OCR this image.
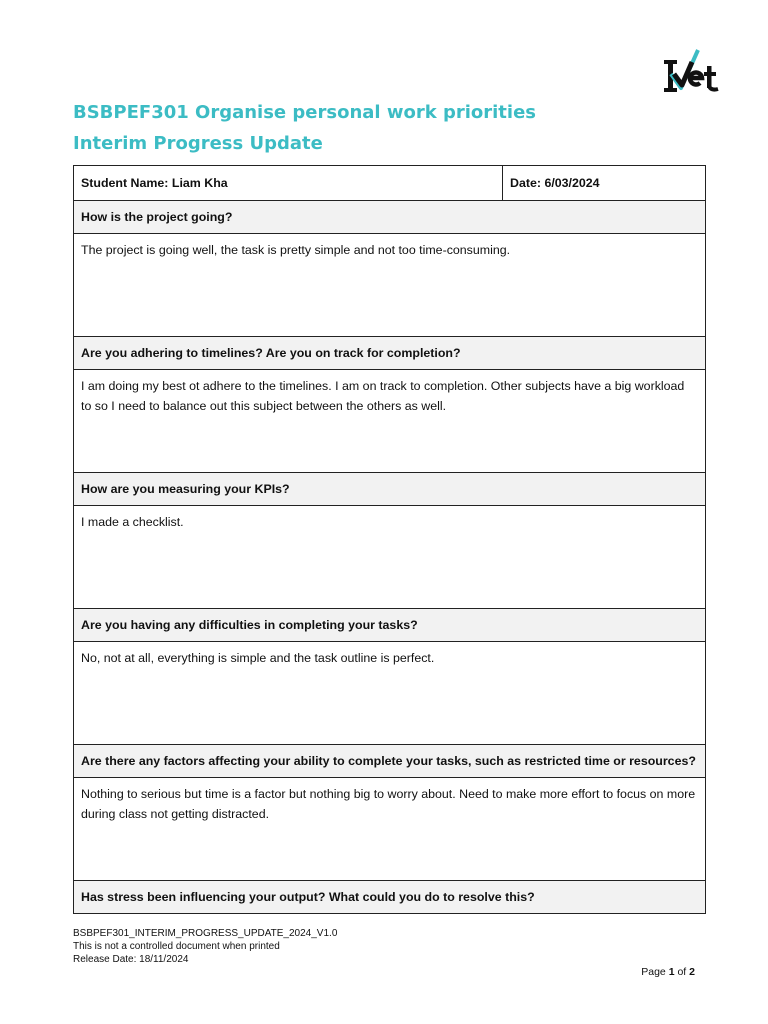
BSBPEF301 Organise personal work priorities
Interim Progress Update
Student Name: Liam Kha	Date: 6/03/2024
How is the project going?
The project is going well, the task is pretty simple and not too time-consuming.
Are you adhering to timelines? Are you on track for completion?
I am doing my best ot adhere to the timelines. I am on track to completion. Other subjects have a big workload to so I need to balance out this subject between the others as well.
How are you measuring your KPIs?
I made a checklist.
Are you having any difficulties in completing your tasks?
No, not at all, everything is simple and the task outline is perfect.
Are there any factors affecting your ability to complete your tasks, such as restricted time or resources?
Nothing to serious but time is a factor but nothing big to worry about. Need to make more effort to focus on more during class not getting distracted.
Has stress been influencing your output? What could you do to resolve this?
BSBPEF301_INTERIM_PROGRESS_UPDATE_2024_V1.0
This is not a controlled document when printed
Release Date: 18/11/2024
Page 1 of 2
